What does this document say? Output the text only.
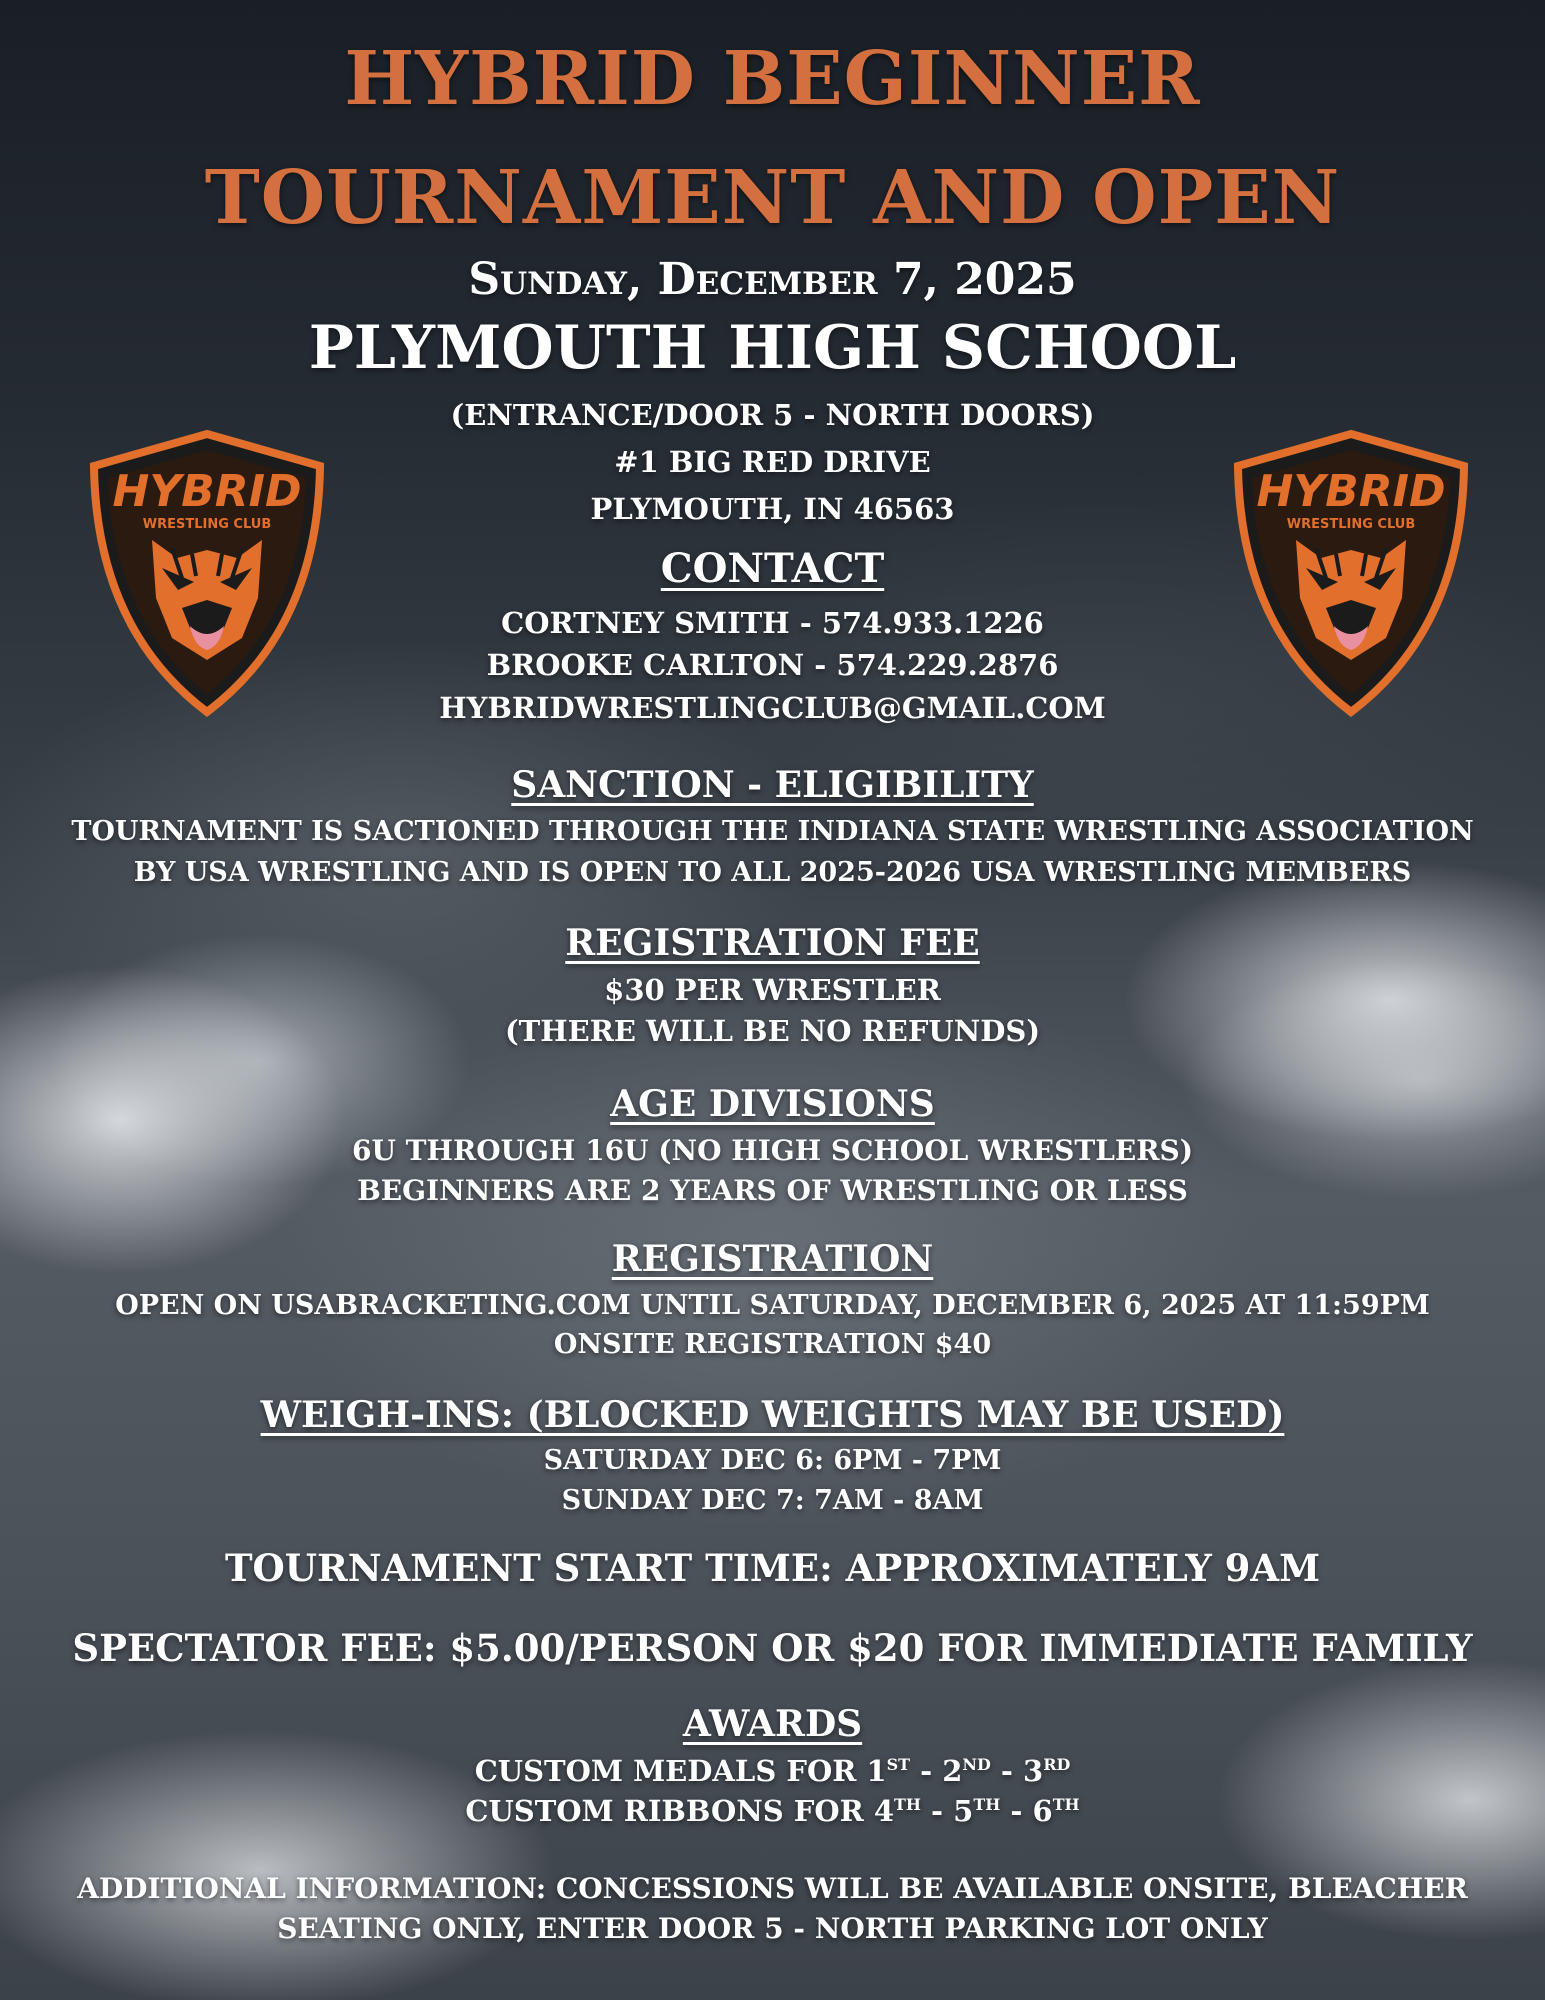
HYBRID BEGINNER
TOURNAMENT AND OPEN
Sunday, December 7, 2025
PLYMOUTH HIGH SCHOOL
(ENTRANCE/DOOR 5 - NORTH DOORS)
#1 BIG RED DRIVE
PLYMOUTH, IN 46563
HYBRID
WRESTLING CLUB
HYBRID
WRESTLING CLUB
CONTACT
CORTNEY SMITH - 574.933.1226
BROOKE CARLTON - 574.229.2876
HYBRIDWRESTLINGCLUB@GMAIL.COM
SANCTION - ELIGIBILITY
TOURNAMENT IS SACTIONED THROUGH THE INDIANA STATE WRESTLING ASSOCIATION
BY USA WRESTLING AND IS OPEN TO ALL 2025-2026 USA WRESTLING MEMBERS
REGISTRATION FEE
$30 PER WRESTLER
(THERE WILL BE NO REFUNDS)
AGE DIVISIONS
6U THROUGH 16U (NO HIGH SCHOOL WRESTLERS)
BEGINNERS ARE 2 YEARS OF WRESTLING OR LESS
REGISTRATION
OPEN ON USABRACKETING.COM UNTIL SATURDAY, DECEMBER 6, 2025 AT 11:59PM
ONSITE REGISTRATION $40
WEIGH-INS: (BLOCKED WEIGHTS MAY BE USED)
SATURDAY DEC 6: 6PM - 7PM
SUNDAY DEC 7: 7AM - 8AM
TOURNAMENT START TIME: APPROXIMATELY 9AM
SPECTATOR FEE: $5.00/PERSON OR $20 FOR IMMEDIATE FAMILY
AWARDS
CUSTOM MEDALS FOR 1ST - 2ND - 3RD
CUSTOM RIBBONS FOR 4TH - 5TH - 6TH
ADDITIONAL INFORMATION: CONCESSIONS WILL BE AVAILABLE ONSITE, BLEACHER
SEATING ONLY, ENTER DOOR 5 - NORTH PARKING LOT ONLY
